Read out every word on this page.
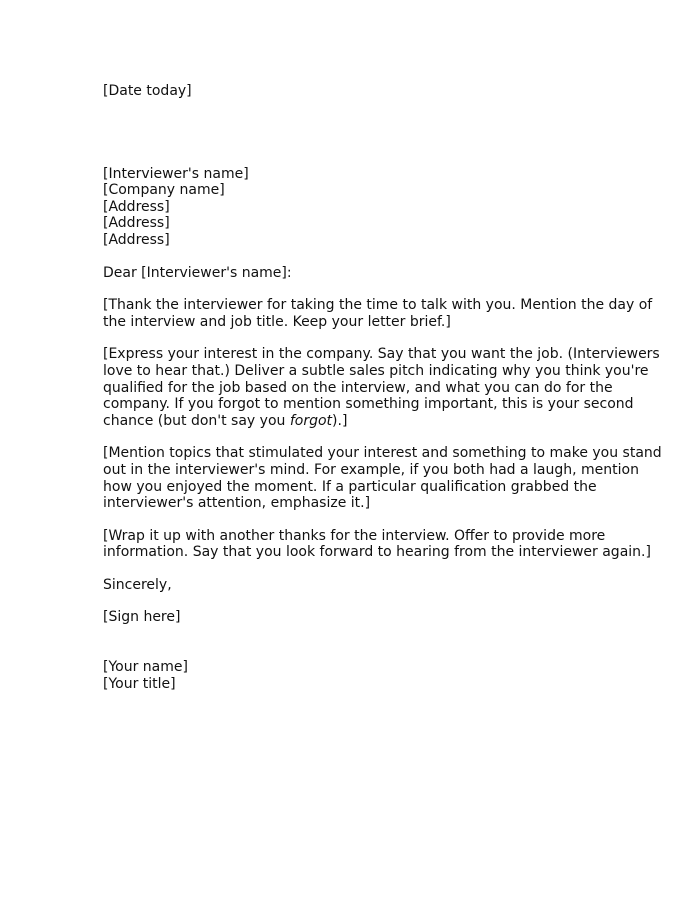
[Date today]
[Interviewer's name]
[Company name]
[Address]
[Address]
[Address]
Dear [Interviewer's name]:
[Thank the interviewer for taking the time to talk with you. Mention the day of
the interview and job title. Keep your letter brief.]
[Express your interest in the company. Say that you want the job. (Interviewers
love to hear that.) Deliver a subtle sales pitch indicating why you think you're
qualified for the job based on the interview, and what you can do for the
company. If you forgot to mention something important, this is your second
chance (but don't say you forgot).]
[Mention topics that stimulated your interest and something to make you stand
out in the interviewer's mind. For example, if you both had a laugh, mention
how you enjoyed the moment. If a particular qualification grabbed the
interviewer's attention, emphasize it.]
[Wrap it up with another thanks for the interview. Offer to provide more
information. Say that you look forward to hearing from the interviewer again.]
Sincerely,
[Sign here]
[Your name]
[Your title]
